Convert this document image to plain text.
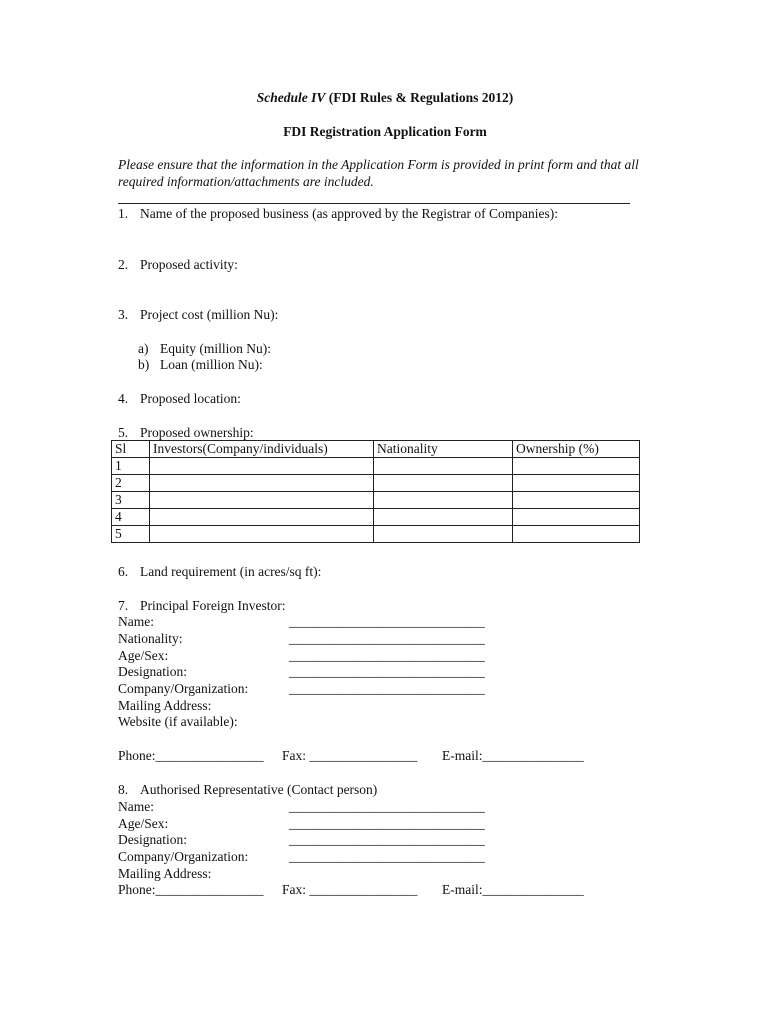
Schedule IV (FDI Rules & Regulations 2012)
FDI Registration Application Form
Please ensure that the information in the Application Form is provided in print form and that all required information/attachments are included.
1. Name of the proposed business (as approved by the Registrar of Companies):
2. Proposed activity:
3. Project cost (million Nu):
a) Equity (million Nu):
b) Loan (million Nu):
4. Proposed location:
5. Proposed ownership:
Sl	Investors(Company/individuals)	Nationality	Ownership (%)
1			
2			
3			
4			
5			
6. Land requirement (in acres/sq ft):
7. Principal Foreign Investor:
Name:	_____________________________
Nationality:	_____________________________
Age/Sex:	_____________________________
Designation:	_____________________________
Company/Organization:	_____________________________
Mailing Address:
Website (if available):
Phone:________________ Fax: ________________ E-mail:_______________
8. Authorised Representative (Contact person)
Name:	_____________________________
Age/Sex:	_____________________________
Designation:	_____________________________
Company/Organization:	_____________________________
Mailing Address:
Phone:________________ Fax: ________________ E-mail:_______________
